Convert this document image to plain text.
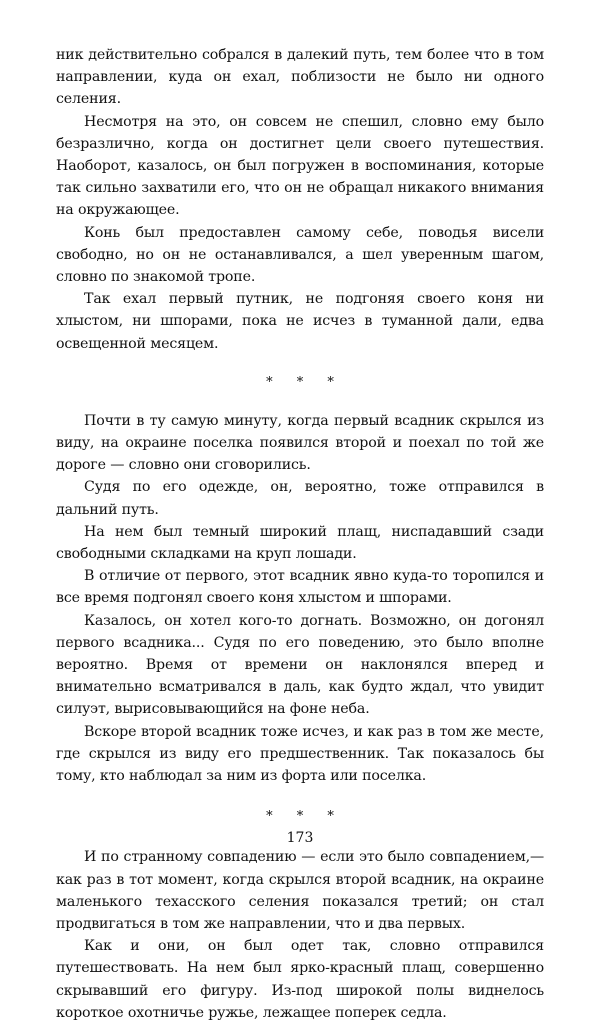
ник действительно собрался в далекий путь, тем более что в том направлении, куда он ехал, поблизости не было ни одного селения.

Несмотря на это, он совсем не спешил, словно ему было безразлично, когда он достигнет цели своего путешествия. Наоборот, казалось, он был погружен в воспоминания, которые так сильно захватили его, что он не обращал никакого внимания на окружающее.

Конь был предоставлен самому себе, поводья висели свободно, но он не останавливался, а шел уверенным шагом, словно по знакомой тропе.

Так ехал первый путник, не подгоняя своего коня ни хлыстом, ни шпорами, пока не исчез в туманной дали, едва освещенной месяцем.

* * *

Почти в ту самую минуту, когда первый всадник скрылся из виду, на окраине поселка появился второй и поехал по той же дороге — словно они сговорились.

Судя по его одежде, он, вероятно, тоже отправился в дальний путь.

На нем был темный широкий плащ, ниспадавший сзади свободными складками на круп лошади.

В отличие от первого, этот всадник явно куда-то торопился и все время подгонял своего коня хлыстом и шпорами.

Казалось, он хотел кого-то догнать. Возможно, он догонял первого всадника... Судя по его поведению, это было вполне вероятно. Время от времени он наклонялся вперед и внимательно всматривался в даль, как будто ждал, что увидит силуэт, вырисовывающийся на фоне неба.

Вскоре второй всадник тоже исчез, и как раз в том же месте, где скрылся из виду его предшественник. Так показалось бы тому, кто наблюдал за ним из форта или поселка.

* * *

И по странному совпадению — если это было совпадением,— как раз в тот момент, когда скрылся второй всадник, на окраине маленького техасского селения показался третий; он стал продвигаться в том же направлении, что и два первых.

Как и они, он был одет так, словно отправился путешествовать. На нем был ярко-красный плащ, совершенно скрывавший его фигуру. Из-под широкой полы виднелось короткое охотничье ружье, лежащее поперек седла.

173
